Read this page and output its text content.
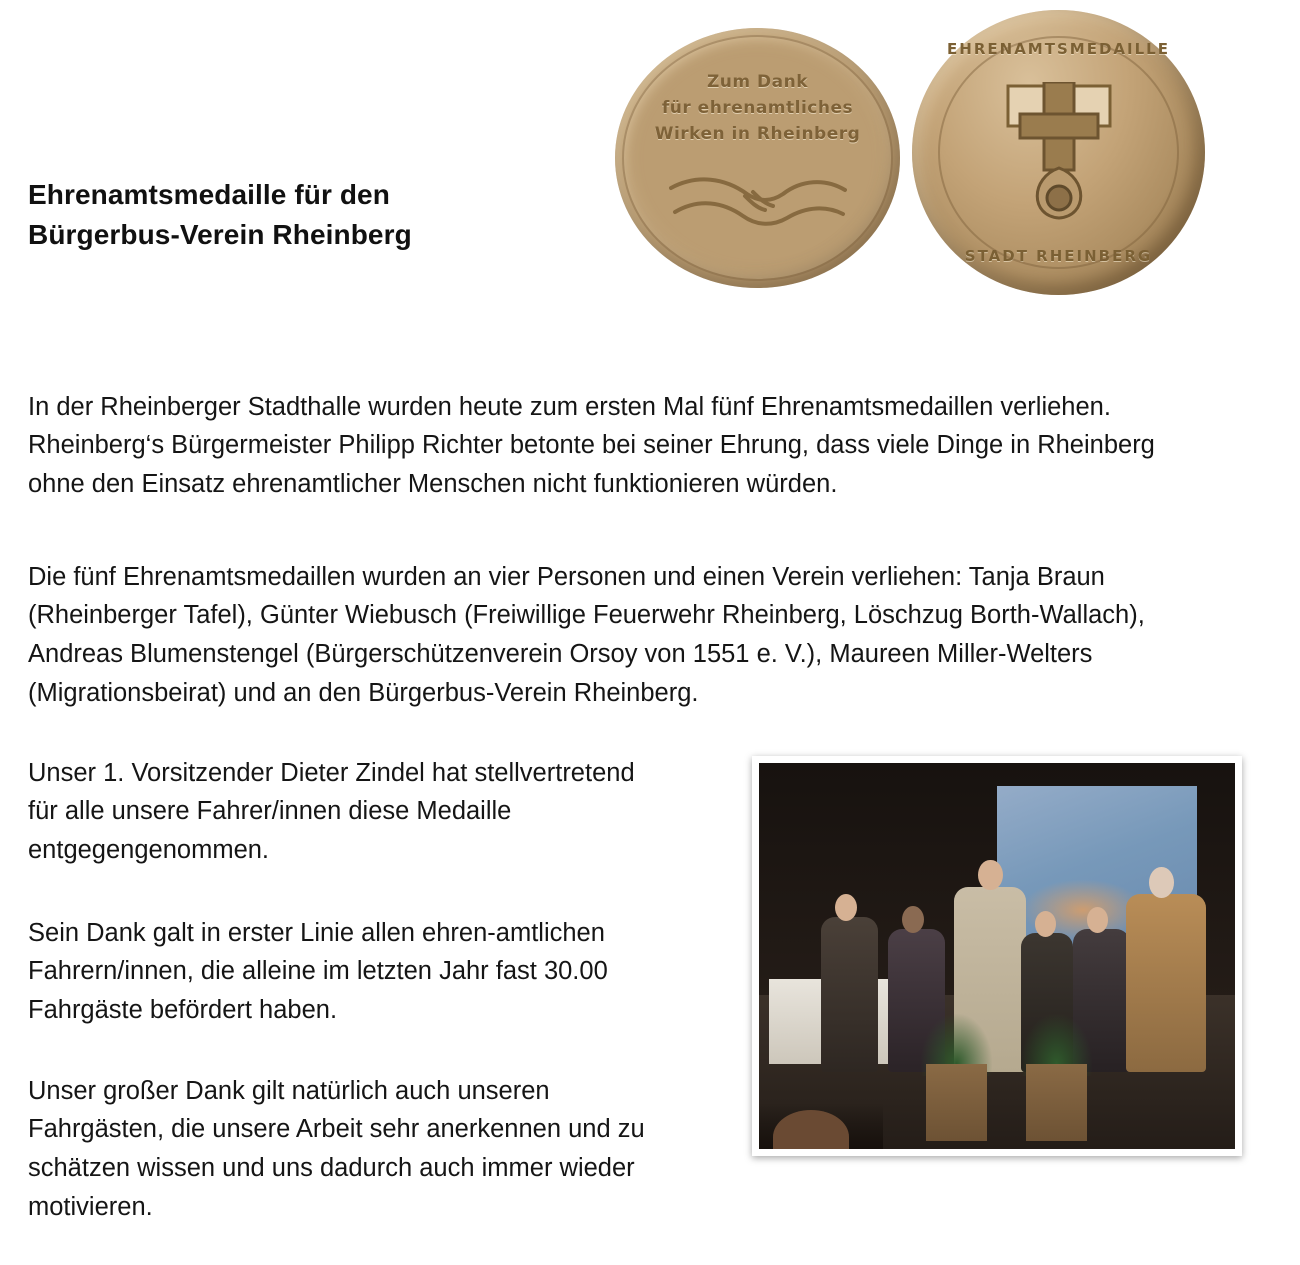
Ehrenamtsmedaille für den
Bürgerbus-Verein Rheinberg
Zum Dank
für ehrenamtliches
Wirken in Rheinberg
EHRENAMTSMEDAILLE
STADT RHEINBERG

In der Rheinberger Stadthalle wurden heute zum ersten Mal fünf Ehrenamtsmedaillen verliehen. Rheinberg‘s Bürgermeister Philipp Richter betonte bei seiner Ehrung, dass viele Dinge in Rheinberg ohne den Einsatz ehrenamtlicher Menschen nicht funktionieren würden.

Die fünf Ehrenamtsmedaillen wurden an vier Personen und einen Verein verliehen: Tanja Braun (Rheinberger Tafel), Günter Wiebusch (Freiwillige Feuerwehr Rheinberg, Löschzug Borth-Wallach), Andreas Blumenstengel (Bürgerschützenverein Orsoy von 1551 e. V.), Maureen Miller-Welters (Migrationsbeirat) und an den Bürgerbus-Verein Rheinberg.

Unser 1. Vorsitzender Dieter Zindel hat stellvertretend für alle unsere Fahrer/innen diese Medaille entgegengenommen.

Sein Dank galt in erster Linie allen ehren-amtlichen Fahrern/innen, die alleine im letzten Jahr fast 30.00 Fahrgäste befördert haben.

Unser großer Dank gilt natürlich auch unseren Fahrgästen, die unsere Arbeit sehr anerkennen und zu schätzen wissen und uns dadurch auch immer wieder motivieren.
